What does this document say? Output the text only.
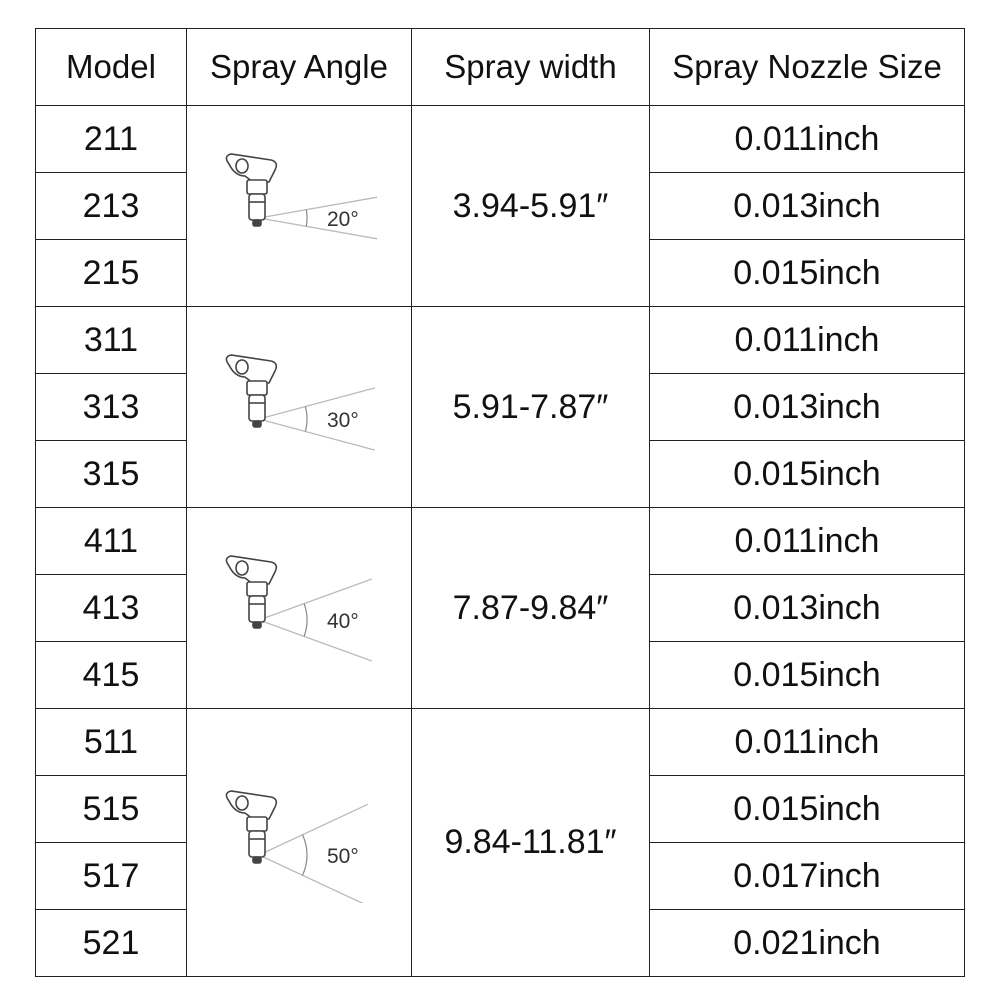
Model	Spray Angle	Spray width	Spray Nozzle Size
211	20°	3.94-5.91″	0.011inch
213			0.013inch
215			0.015inch
311	30°	5.91-7.87″	0.011inch
313			0.013inch
315			0.015inch
411	40°	7.87-9.84″	0.011inch
413			0.013inch
415			0.015inch
511	50°	9.84-11.81″	0.011inch
515			0.015inch
517			0.017inch
521			0.021inch
